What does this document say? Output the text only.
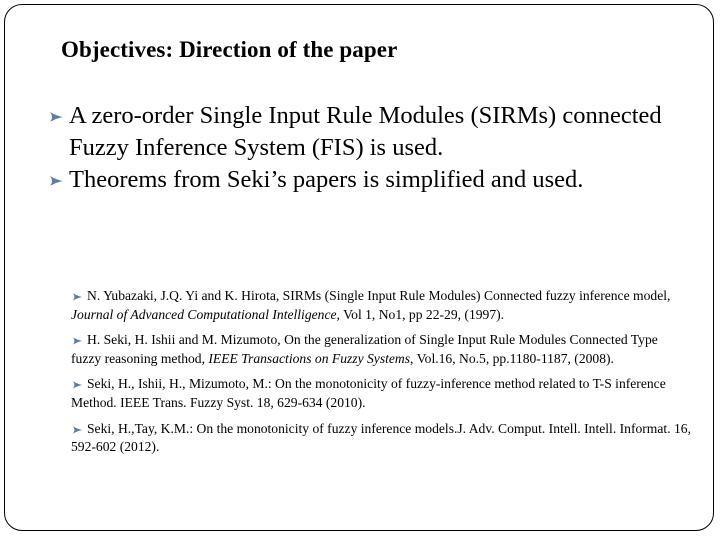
Objectives: Direction of the paper
A zero-order Single Input Rule Modules (SIRMs) connected Fuzzy Inference System (FIS) is used.
Theorems from Seki’s papers is simplified and used.
N. Yubazaki, J.Q. Yi and K. Hirota, SIRMs (Single Input Rule Modules) Connected fuzzy inference model, Journal of Advanced Computational Intelligence, Vol 1, No1, pp 22-29, (1997).
H. Seki, H. Ishii and M. Mizumoto, On the generalization of Single Input Rule Modules Connected Type fuzzy reasoning method, IEEE Transactions on Fuzzy Systems, Vol.16, No.5, pp.1180-1187, (2008).
Seki, H., Ishii, H., Mizumoto, M.: On the monotonicity of fuzzy-inference method related to T-S inference Method. IEEE Trans. Fuzzy Syst. 18, 629-634 (2010).
Seki, H.,Tay, K.M.: On the monotonicity of fuzzy inference models.J. Adv. Comput. Intell. Intell. Informat. 16, 592-602 (2012).
